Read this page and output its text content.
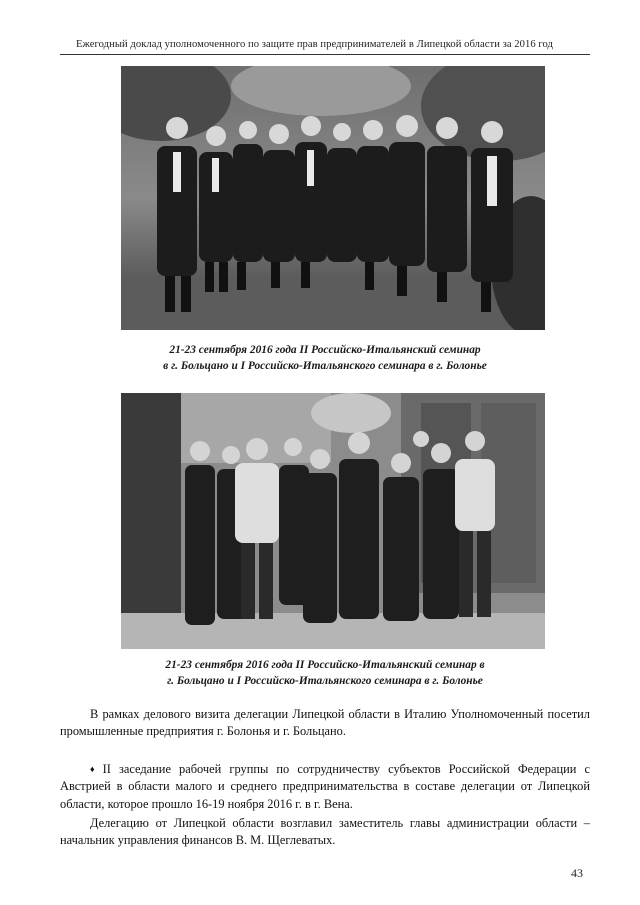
Ежегодный доклад уполномоченного по защите прав предпринимателей в Липецкой области за 2016 год
21-23 сентября 2016 года II Российско-Итальянский семинар
в г. Больцано и I Российско-Итальянского семинара в г. Болонье
21-23 сентября 2016 года II Российско-Итальянский семинар в
г. Больцано и I Российско-Итальянского семинара в г. Болонье

В рамках делового визита делегации Липецкой области в Италию Уполномоченный посетил промышленные предприятия г. Болонья и г. Больцано.

♦ II заседание рабочей группы по сотрудничеству субъектов Российской Федерации с Австрией в области малого и среднего предпринимательства в составе делегации от Липецкой области, которое прошло 16-19 ноября 2016 г. в г. Вена.

Делегацию от Липецкой области возглавил заместитель главы администрации области – начальник управления финансов В. М. Щеглеватых.

43
